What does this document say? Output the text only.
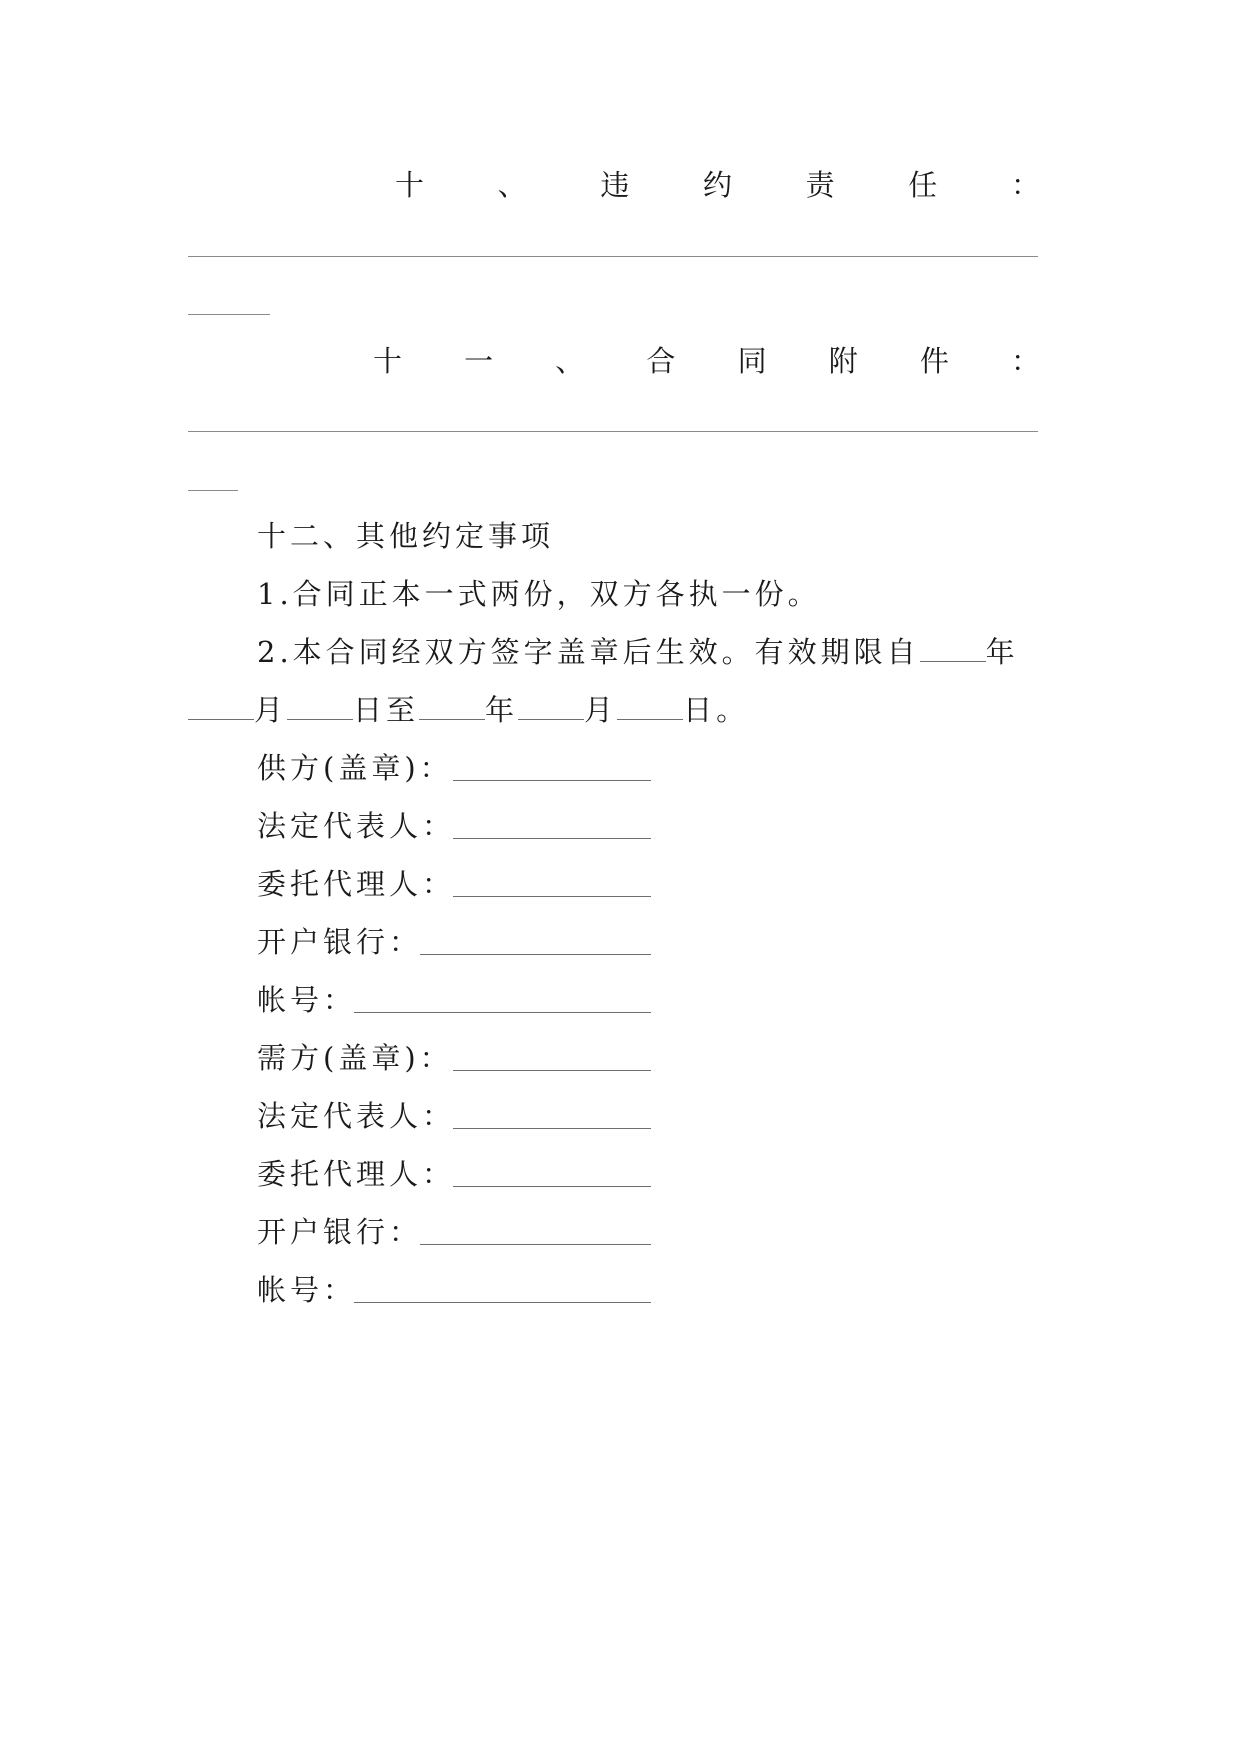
十	、	违	约	责	任	：
十 一 、 合 同 附 件 ：
十二、其他约定事项
1.合同正本一式两份，双方各执一份。
2.本合同经双方签字盖章后生效。有效期限自 年
月 日至 年 月 日。
供方(盖章)：
法定代表人：
委托代理人：
开户银行：
帐号：
需方(盖章)：
法定代表人：
委托代理人：
开户银行：
帐号：
